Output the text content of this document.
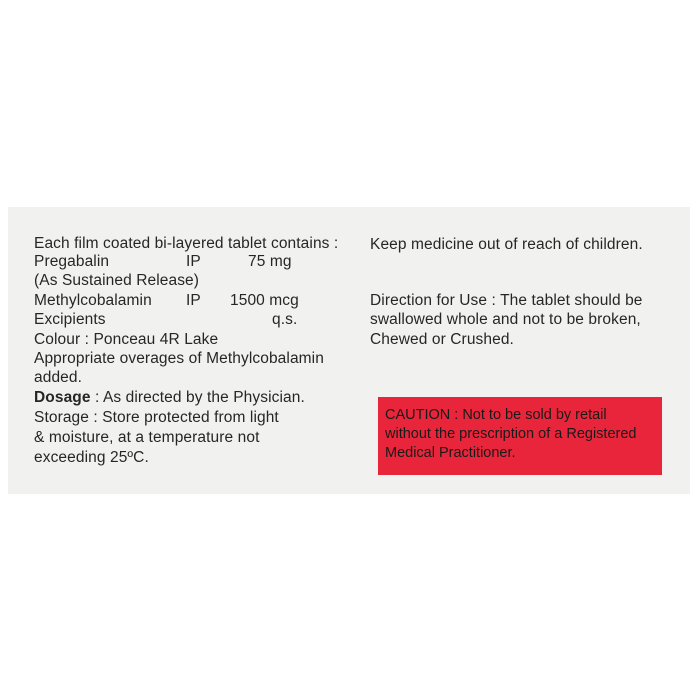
Each film coated bi-layered tablet contains :
Pregabalin	IP	75 mg
(As Sustained Release)
Methylcobalamin IP 1500 mcg
Excipients	q.s.
Colour : Ponceau 4R Lake
Appropriate overages of Methylcobalamin
added.
Dosage : As directed by the Physician.
Storage : Store protected from light
& moisture, at a temperature not
exceeding 25ºC.
Keep medicine out of reach of children.
Direction for Use : The tablet should be
swallowed whole and not to be broken,
Chewed or Crushed.
CAUTION : Not to be sold by retail
without the prescription of a Registered
Medical Practitioner.
